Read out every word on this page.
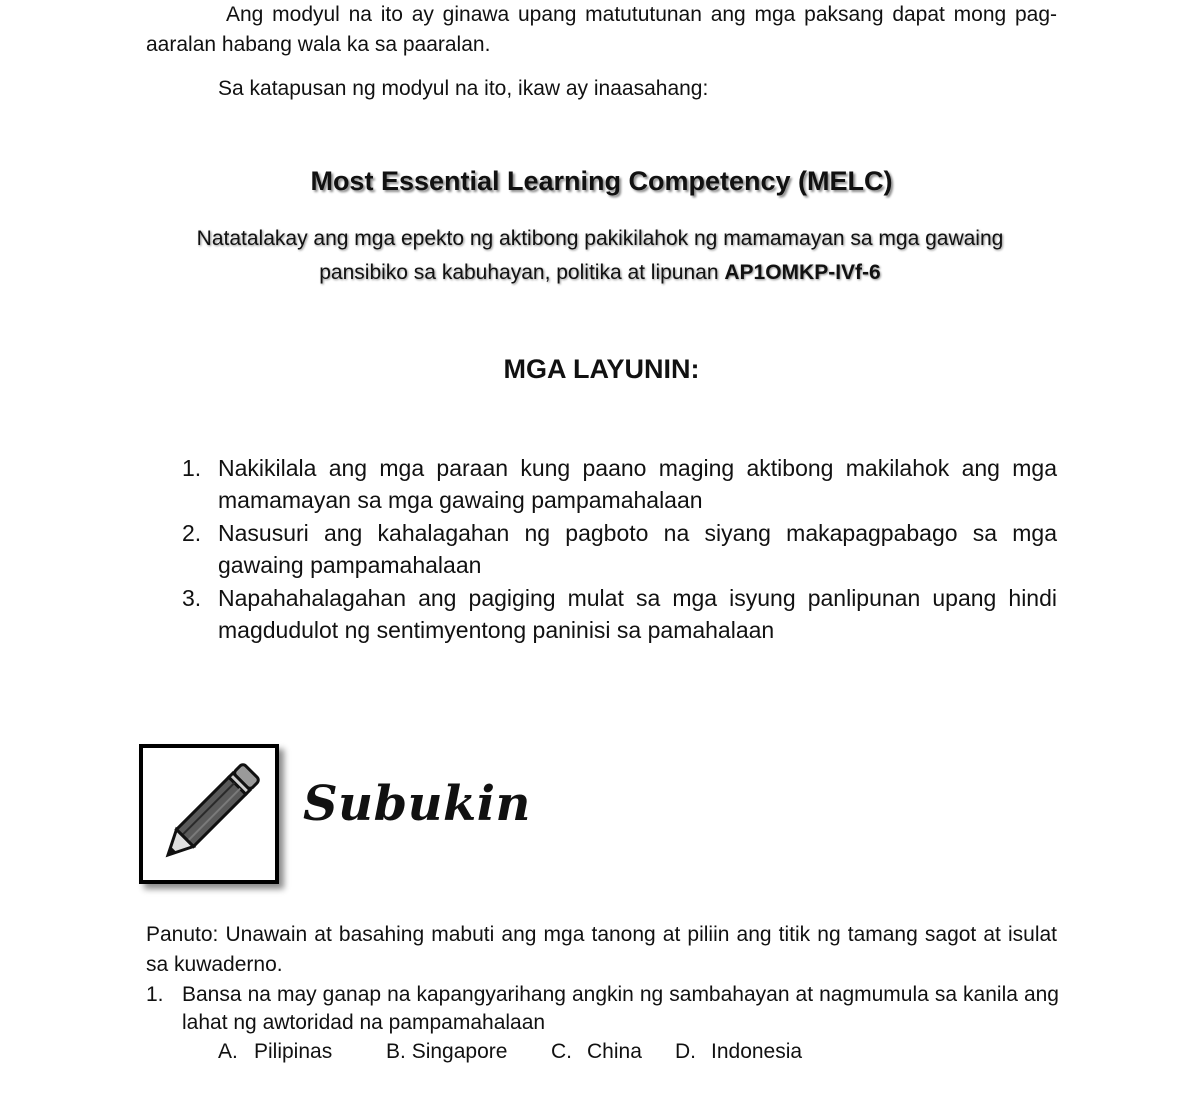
Ang modyul na ito ay ginawa upang matututunan ang mga paksang dapat mong pag-aaralan habang wala ka sa paaralan.
Sa katapusan ng modyul na ito, ikaw ay inaasahang:
Most Essential Learning Competency (MELC)
Natatalakay ang mga epekto ng aktibong pakikilahok ng mamamayan sa mga gawaing pansibiko sa kabuhayan, politika at lipunan AP1OMKP-IVf-6
MGA LAYUNIN:
1. Nakikilala ang mga paraan kung paano maging aktibong makilahok ang mga mamamayan sa mga gawaing pampamahalaan
2. Nasusuri ang kahalagahan ng pagboto na siyang makapagpabago sa mga gawaing pampamahalaan
3. Napahahalagahan ang pagiging mulat sa mga isyung panlipunan upang hindi magdudulot ng sentimyentong paninisi sa pamahalaan
Subukin
Panuto: Unawain at basahing mabuti ang mga tanong at piliin ang titik ng tamang sagot at isulat sa kuwaderno.
1. Bansa na may ganap na kapangyarihang angkin ng sambahayan at nagmumula sa kanila ang lahat ng awtoridad na pampamahalaan
A. Pilipinas	B. Singapore C. China D. Indonesia
